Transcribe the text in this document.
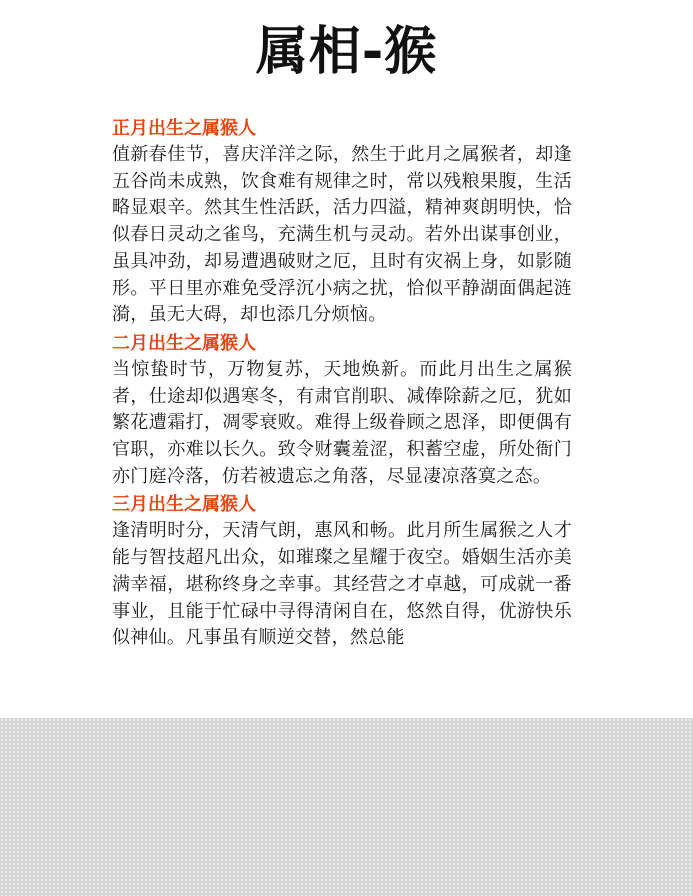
属相-猴

正月出生之属猴人

值新春佳节，喜庆洋洋之际，然生于此月之属猴者，却逢五谷尚未成熟，饮食难有规律之时，常以残粮果腹，生活略显艰辛。然其生性活跃，活力四溢，精神爽朗明快，恰似春日灵动之雀鸟，充满生机与灵动。若外出谋事创业，虽具冲劲，却易遭遇破财之厄，且时有灾祸上身，如影随形。平日里亦难免受浮沉小病之扰，恰似平静湖面偶起涟漪，虽无大碍，却也添几分烦恼。

二月出生之属猴人

当惊蛰时节，万物复苏，天地焕新。而此月出生之属猴者，仕途却似遇寒冬，有肃官削职、减俸除薪之厄，犹如繁花遭霜打，凋零衰败。难得上级眷顾之恩泽，即便偶有官职，亦难以长久。致令财囊羞涩，积蓄空虚，所处衙门亦门庭冷落，仿若被遗忘之角落，尽显凄凉落寞之态。

三月出生之属猴人

逢清明时分，天清气朗，惠风和畅。此月所生属猴之人才能与智技超凡出众，如璀璨之星耀于夜空。婚姻生活亦美满幸福，堪称终身之幸事。其经营之才卓越，可成就一番事业，且能于忙碌中寻得清闲自在，悠然自得，优游快乐似神仙。凡事虽有顺逆交替，然总能
